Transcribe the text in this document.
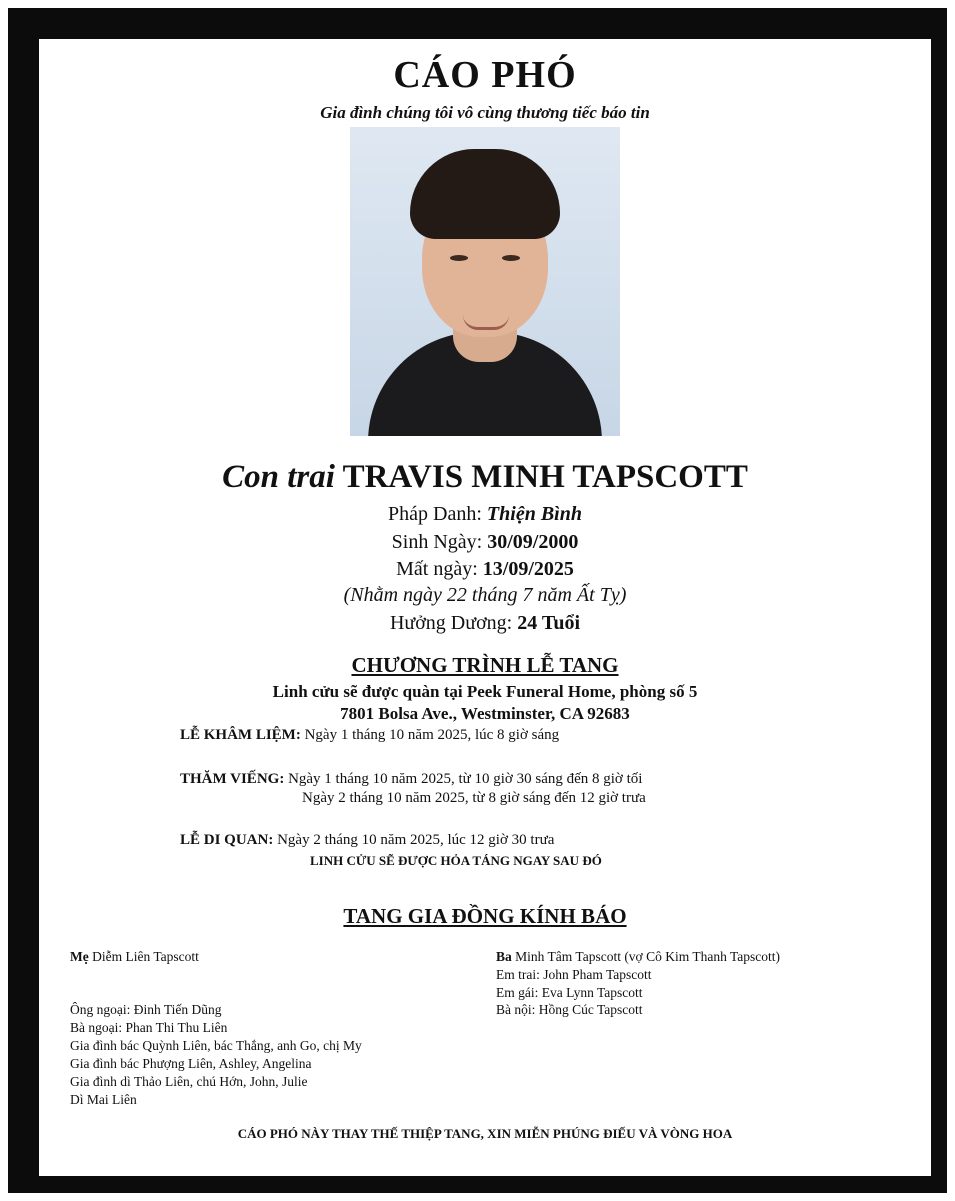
CÁO PHÓ
Gia đình chúng tôi vô cùng thương tiếc báo tin
Con trai TRAVIS MINH TAPSCOTT
Pháp Danh: Thiện Bình
Sinh Ngày: 30/09/2000
Mất ngày: 13/09/2025
(Nhằm ngày 22 tháng 7 năm Ất Tỵ)
Hưởng Dương: 24 Tuổi
CHƯƠNG TRÌNH LỄ TANG
Linh cửu sẽ được quàn tại Peek Funeral Home, phòng số 5
7801 Bolsa Ave., Westminster, CA 92683
LỄ KHÂM LIỆM: Ngày 1 tháng 10 năm 2025, lúc 8 giờ sáng
THĂM VIẾNG: Ngày 1 tháng 10 năm 2025, từ 10 giờ 30 sáng đến 8 giờ tối
Ngày 2 tháng 10 năm 2025, từ 8 giờ sáng đến 12 giờ trưa
LỄ DI QUAN: Ngày 2 tháng 10 năm 2025, lúc 12 giờ 30 trưa
LINH CỬU SẼ ĐƯỢC HỎA TÁNG NGAY SAU ĐÓ
TANG GIA ĐỒNG KÍNH BÁO
Mẹ Diễm Liên Tapscott	Ba Minh Tâm Tapscott (vợ Cô Kim Thanh Tapscott)
Em trai: John Pham Tapscott
Em gái: Eva Lynn Tapscott
Bà nội: Hồng Cúc Tapscott
Ông ngoại: Đinh Tiến Dũng
Bà ngoại: Phan Thi Thu Liên
Gia đình bác Quỳnh Liên, bác Thắng, anh Go, chị My
Gia đình bác Phượng Liên, Ashley, Angelina
Gia đình dì Thảo Liên, chú Hớn, John, Julie
Dì Mai Liên
CÁO PHÓ NÀY THAY THẾ THIỆP TANG, XIN MIỄN PHÚNG ĐIẾU VÀ VÒNG HOA
